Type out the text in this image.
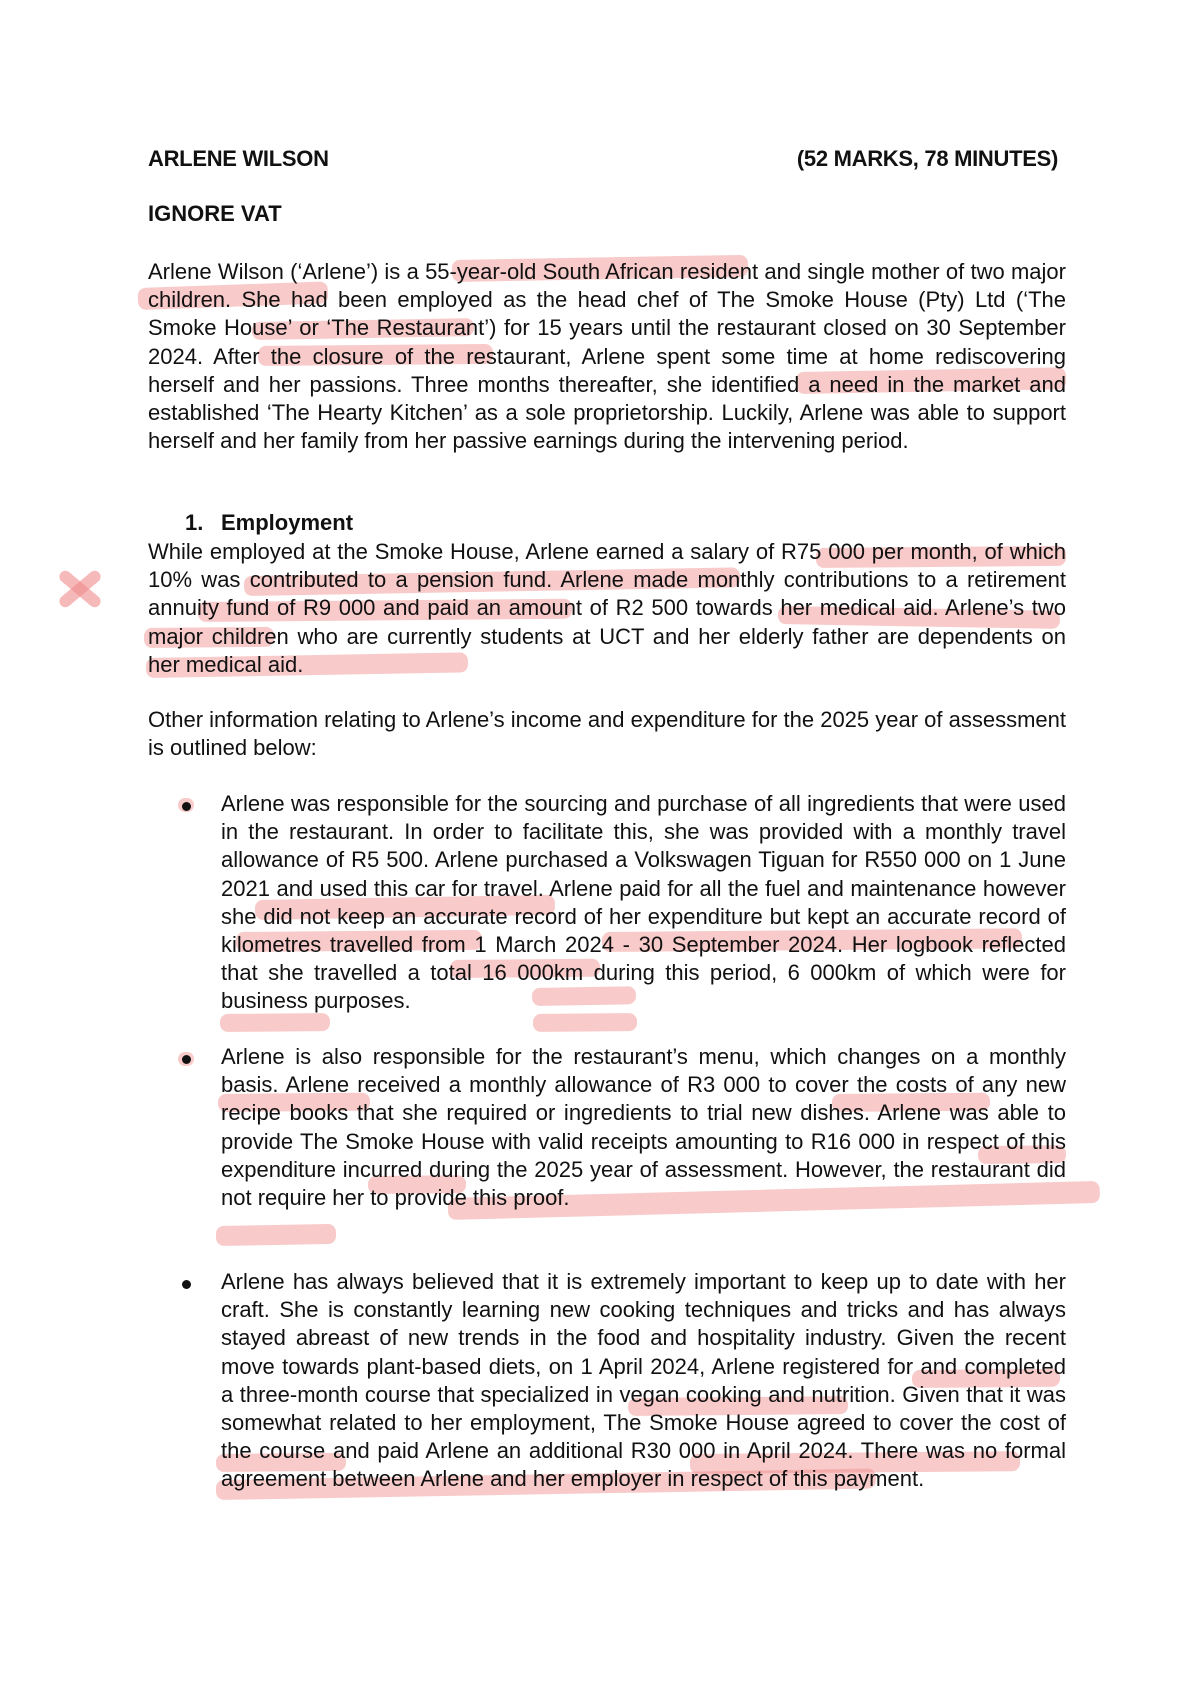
ARLENE WILSON	(52 MARKS, 78 MINUTES)
IGNORE VAT

Arlene Wilson (‘Arlene’) is a 55-year-old South African resident and single mother of two major children. She had been employed as the head chef of The Smoke House (Pty) Ltd (‘The Smoke House’ or ‘The Restaurant’) for 15 years until the restaurant closed on 30 September 2024. After the closure of the restaurant, Arlene spent some time at home rediscovering herself and her passions. Three months thereafter, she identified a need in the market and established ‘The Hearty Kitchen’ as a sole proprietorship. Luckily, Arlene was able to support herself and her family from her passive earnings during the intervening period.

1. Employment

While employed at the Smoke House, Arlene earned a salary of R75 000 per month, of which 10% was contributed to a pension fund. Arlene made monthly contributions to a retirement annuity fund of R9 000 and paid an amount of R2 500 towards her medical aid. Arlene’s two major children who are currently students at UCT and her elderly father are dependents on her medical aid.

Other information relating to Arlene’s income and expenditure for the 2025 year of assessment is outlined below:

Arlene was responsible for the sourcing and purchase of all ingredients that were used in the restaurant. In order to facilitate this, she was provided with a monthly travel allowance of R5 500. Arlene purchased a Volkswagen Tiguan for R550 000 on 1 June 2021 and used this car for travel. Arlene paid for all the fuel and maintenance however she did not keep an accurate record of her expenditure but kept an accurate record of kilometres travelled from 1 March 2024 - 30 September 2024. Her logbook reflected that she travelled a total 16 000km during this period, 6 000km of which were for business purposes.

Arlene is also responsible for the restaurant’s menu, which changes on a monthly basis. Arlene received a monthly allowance of R3 000 to cover the costs of any new recipe books that she required or ingredients to trial new dishes. Arlene was able to provide The Smoke House with valid receipts amounting to R16 000 in respect of this expenditure incurred during the 2025 year of assessment. However, the restaurant did not require her to provide this proof.

Arlene has always believed that it is extremely important to keep up to date with her craft. She is constantly learning new cooking techniques and tricks and has always stayed abreast of new trends in the food and hospitality industry. Given the recent move towards plant-based diets, on 1 April 2024, Arlene registered for and completed a three-month course that specialized in vegan cooking and nutrition. Given that it was somewhat related to her employment, The Smoke House agreed to cover the cost of the course and paid Arlene an additional R30 000 in April 2024. There was no formal agreement between Arlene and her employer in respect of this payment.
